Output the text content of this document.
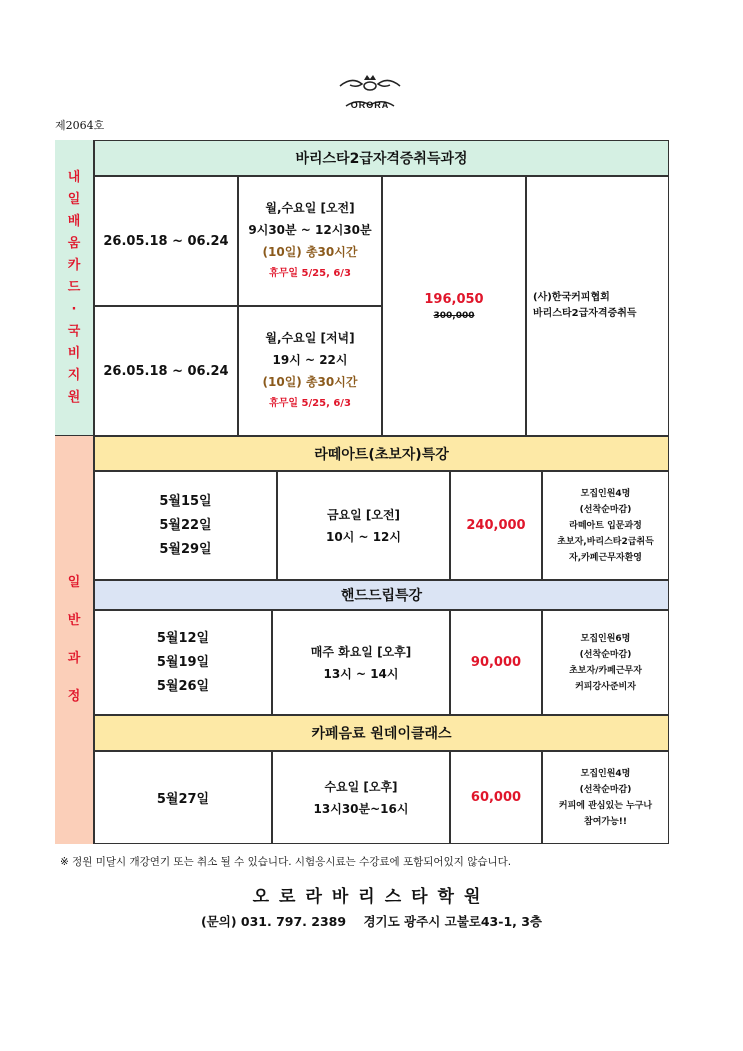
ORORA
제2064호
내
일
배
움
카
드
·
국
비
지
원
일
반
과
정
바리스타2급자격증취득과정
26.05.18 ~ 06.24
월,수요일 [오전]
9시30분 ~ 12시30분
(10일) 총30시간
휴무일 5/25, 6/3
26.05.18 ~ 06.24
월,수요일 [저녁]
19시 ~ 22시
(10일) 총30시간
휴무일 5/25, 6/3
196,050
300,000
(사)한국커피협회
바리스타2급자격증취득
라떼아트(초보자)특강
5월15일
5월22일
5월29일
금요일 [오전]
10시 ~ 12시
240,000
모집인원4명
(선착순마감)
라떼아트 입문과정
초보자,바리스타2급취득
자,카페근무자환영
핸드드립특강
5월12일
5월19일
5월26일
매주 화요일 [오후]
13시 ~ 14시
90,000
모집인원6명
(선착순마감)
초보자/카페근무자
커피강사준비자
카페음료 원데이클래스
5월27일
수요일 [오후]
13시30분~16시
60,000
모집인원4명
(선착순마감)
커피에 관심있는 누구나
참여가능!!
※ 정원 미달시 개강연기 또는 취소 될 수 있습니다. 시험응시료는 수강료에 포함되어있지 않습니다.
오로라바리스타학원
(문의) 031. 797. 2389    경기도 광주시 고불로43-1, 3층
